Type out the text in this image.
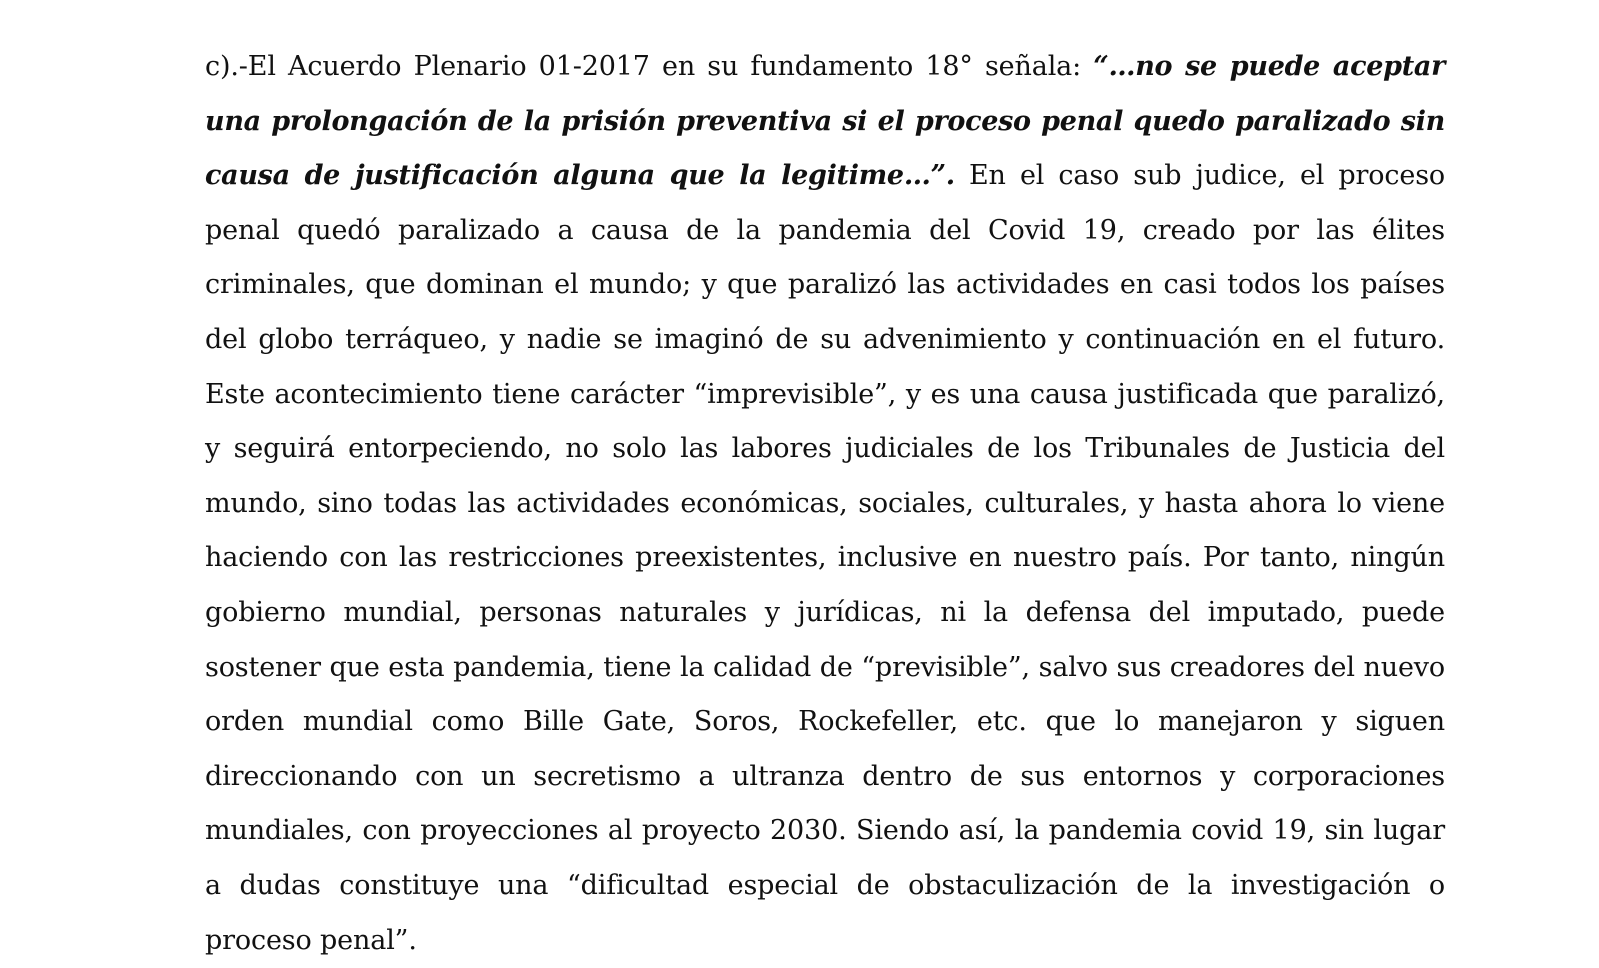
c).-El Acuerdo Plenario 01-2017 en su fundamento 18° señala: “…no se puede aceptar una prolongación de la prisión preventiva si el proceso penal quedo paralizado sin causa de justificación alguna que la legitime…”. En el caso sub judice, el proceso penal quedó paralizado a causa de la pandemia del Covid 19, creado por las élites criminales, que dominan el mundo; y que paralizó las actividades en casi todos los países del globo terráqueo, y nadie se imaginó de su advenimiento y continuación en el futuro. Este acontecimiento tiene carácter “imprevisible”, y es una causa justificada que paralizó, y seguirá entorpeciendo, no solo las labores judiciales de los Tribunales de Justicia del mundo, sino todas las actividades económicas, sociales, culturales, y hasta ahora lo viene haciendo con las restricciones preexistentes, inclusive en nuestro país. Por tanto, ningún gobierno mundial, personas naturales y jurídicas, ni la defensa del imputado, puede sostener que esta pandemia, tiene la calidad de “previsible”, salvo sus creadores del nuevo orden mundial como Bille Gate, Soros, Rockefeller, etc. que lo manejaron y siguen direccionando con un secretismo a ultranza dentro de sus entornos y corporaciones mundiales, con proyecciones al proyecto 2030. Siendo así, la pandemia covid 19, sin lugar a dudas constituye una “dificultad especial de obstaculización de la investigación o proceso penal”.
